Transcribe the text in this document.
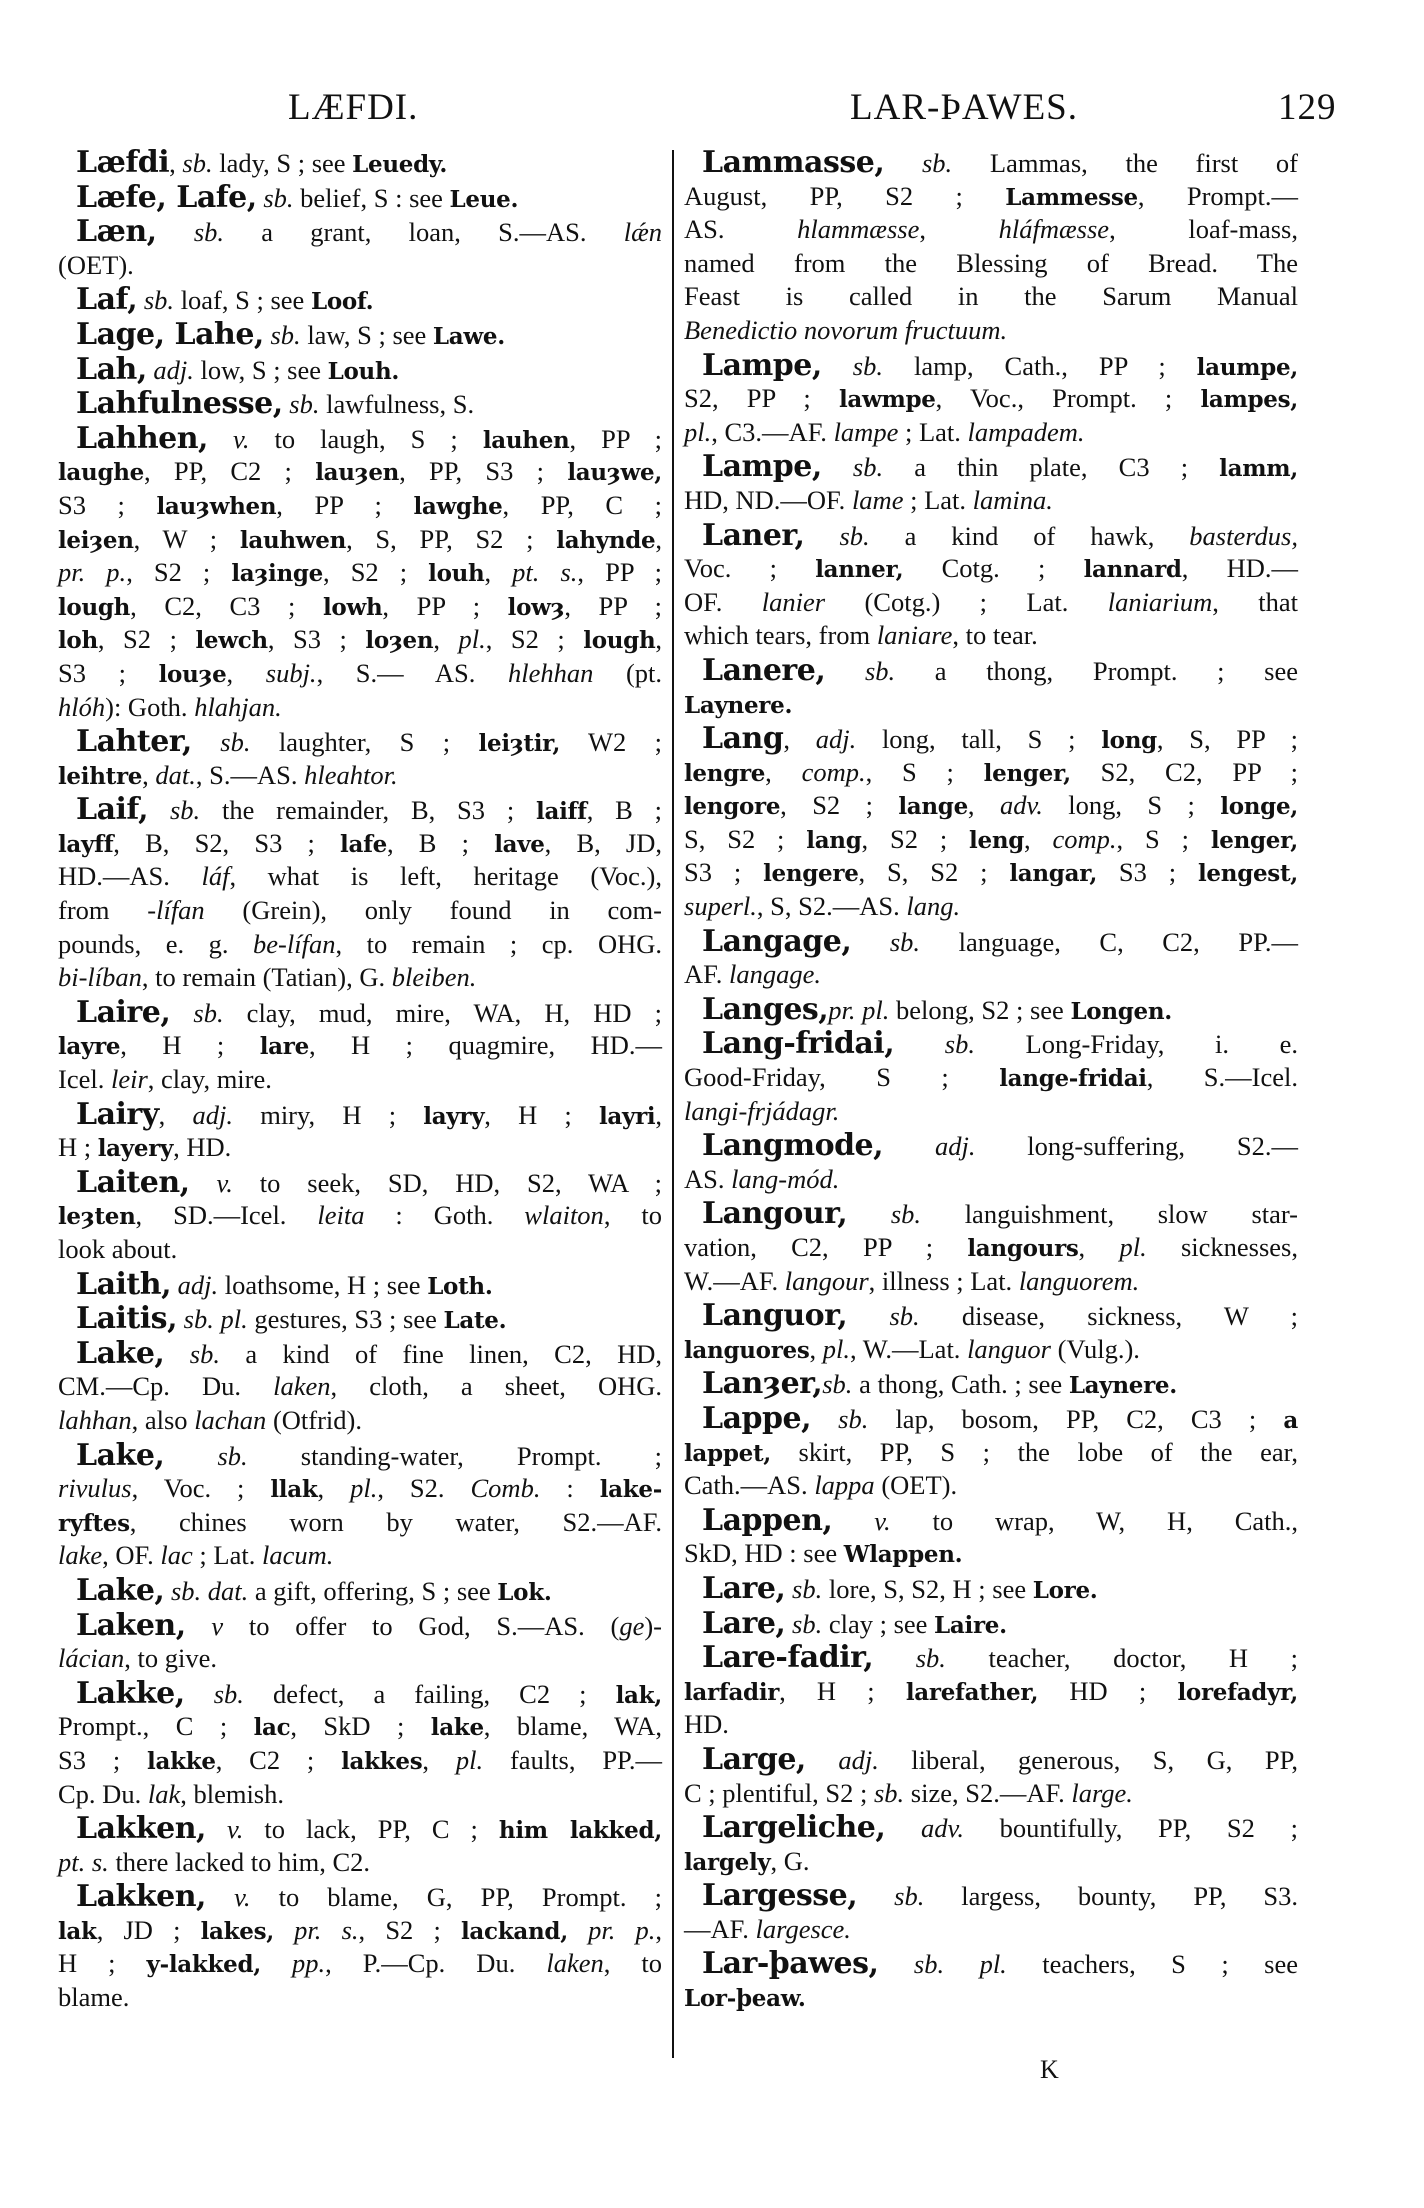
LÆFDI.	LAR-ÞAWES.	129
Læfdi, sb. lady, S ; see Leuedy.
Læfe, Lafe, sb. belief, S : see Leue.
Læn, sb. a grant, loan, S.—AS. lǽn
(OET).
Laf, sb. loaf, S ; see Loof.
Lage, Lahe, sb. law, S ; see Lawe.
Lah, adj. low, S ; see Louh.
Lahfulnesse, sb. lawfulness, S.
Lahhen, v. to laugh, S ; lauhen, PP ;
laughe, PP, C2 ; lauȝen, PP, S3 ; lauȝwe,
S3 ; lauȝwhen, PP ; lawghe, PP, C ;
leiȝen, W ; lauhwen, S, PP, S2 ; lahynde,
pr. p., S2 ; laȝinge, S2 ; louh, pt. s., PP ;
lough, C2, C3 ; lowh, PP ; lowȝ, PP ;
loh, S2 ; lewch, S3 ; loȝen, pl., S2 ; lough,
S3 ; louȝe, subj., S.— AS. hlehhan (pt.
hlóh): Goth. hlahjan.
Lahter, sb. laughter, S ; leiȝtir, W2 ;
leihtre, dat., S.—AS. hleahtor.
Laif, sb. the remainder, B, S3 ; laiff, B ;
layff, B, S2, S3 ; lafe, B ; lave, B, JD,
HD.—AS. láf, what is left, heritage (Voc.),
from -lífan (Grein), only found in com-
pounds, e. g. be-lífan, to remain ; cp. OHG.
bi-líban, to remain (Tatian), G. bleiben.
Laire, sb. clay, mud, mire, WA, H, HD ;
layre, H ; lare, H ; quagmire, HD.—
Icel. leir, clay, mire.
Lairy, adj. miry, H ; layry, H ; layri,
H ; layery, HD.
Laiten, v. to seek, SD, HD, S2, WA ;
leȝten, SD.—Icel. leita : Goth. wlaiton, to
look about.
Laith, adj. loathsome, H ; see Loth.
Laitis, sb. pl. gestures, S3 ; see Late.
Lake, sb. a kind of fine linen, C2, HD,
CM.—Cp. Du. laken, cloth, a sheet, OHG.
lahhan, also lachan (Otfrid).
Lake, sb. standing-water, Prompt. ;
rivulus, Voc. ; llak, pl., S2. Comb. : lake-
ryftes, chines worn by water, S2.—AF.
lake, OF. lac ; Lat. lacum.
Lake, sb. dat. a gift, offering, S ; see Lok.
Laken, v to offer to God, S.—AS. (ge)-
lácian, to give.
Lakke, sb. defect, a failing, C2 ; lak,
Prompt., C ; lac, SkD ; lake, blame, WA,
S3 ; lakke, C2 ; lakkes, pl. faults, PP.—
Cp. Du. lak, blemish.
Lakken, v. to lack, PP, C ; him lakked,
pt. s. there lacked to him, C2.
Lakken, v. to blame, G, PP, Prompt. ;
lak, JD ; lakes, pr. s., S2 ; lackand, pr. p.,
H ; y-lakked, pp., P.—Cp. Du. laken, to
blame.
Lammasse, sb. Lammas, the first of
August, PP, S2 ; Lammesse, Prompt.—
AS. hlammæsse, hláfmæsse, loaf-mass,
named from the Blessing of Bread. The
Feast is called in the Sarum Manual
Benedictio novorum fructuum.
Lampe, sb. lamp, Cath., PP ; laumpe,
S2, PP ; lawmpe, Voc., Prompt. ; lampes,
pl., C3.—AF. lampe ; Lat. lampadem.
Lampe, sb. a thin plate, C3 ; lamm,
HD, ND.—OF. lame ; Lat. lamina.
Laner, sb. a kind of hawk, basterdus,
Voc. ; lanner, Cotg. ; lannard, HD.—
OF. lanier (Cotg.) ; Lat. laniarium, that
which tears, from laniare, to tear.
Lanere, sb. a thong, Prompt. ; see
Laynere.
Lang, adj. long, tall, S ; long, S, PP ;
lengre, comp., S ; lenger, S2, C2, PP ;
lengore, S2 ; lange, adv. long, S ; longe,
S, S2 ; lang, S2 ; leng, comp., S ; lenger,
S3 ; lengere, S, S2 ; langar, S3 ; lengest,
superl., S, S2.—AS. lang.
Langage, sb. language, C, C2, PP.—
AF. langage.
Langes,pr. pl. belong, S2 ; see Longen.
Lang-fridai, sb. Long-Friday, i. e.
Good-Friday, S ; lange-fridai, S.—Icel.
langi-frjádagr.
Langmode, adj. long-suffering, S2.—
AS. lang-mód.
Langour, sb. languishment, slow star-
vation, C2, PP ; langours, pl. sicknesses,
W.—AF. langour, illness ; Lat. languorem.
Languor, sb. disease, sickness, W ;
languores, pl., W.—Lat. languor (Vulg.).
Lanȝer,sb. a thong, Cath. ; see Laynere.
Lappe, sb. lap, bosom, PP, C2, C3 ; a
lappet, skirt, PP, S ; the lobe of the ear,
Cath.—AS. lappa (OET).
Lappen, v. to wrap, W, H, Cath.,
SkD, HD : see Wlappen.
Lare, sb. lore, S, S2, H ; see Lore.
Lare, sb. clay ; see Laire.
Lare-fadir, sb. teacher, doctor, H ;
larfadir, H ; larefather, HD ; lorefadyr,
HD.
Large, adj. liberal, generous, S, G, PP,
C ; plentiful, S2 ; sb. size, S2.—AF. large.
Largeliche, adv. bountifully, PP, S2 ;
largely, G.
Largesse, sb. largess, bounty, PP, S3.
—AF. largesce.
Lar-þawes, sb. pl. teachers, S ; see
Lor-þeaw.
K
